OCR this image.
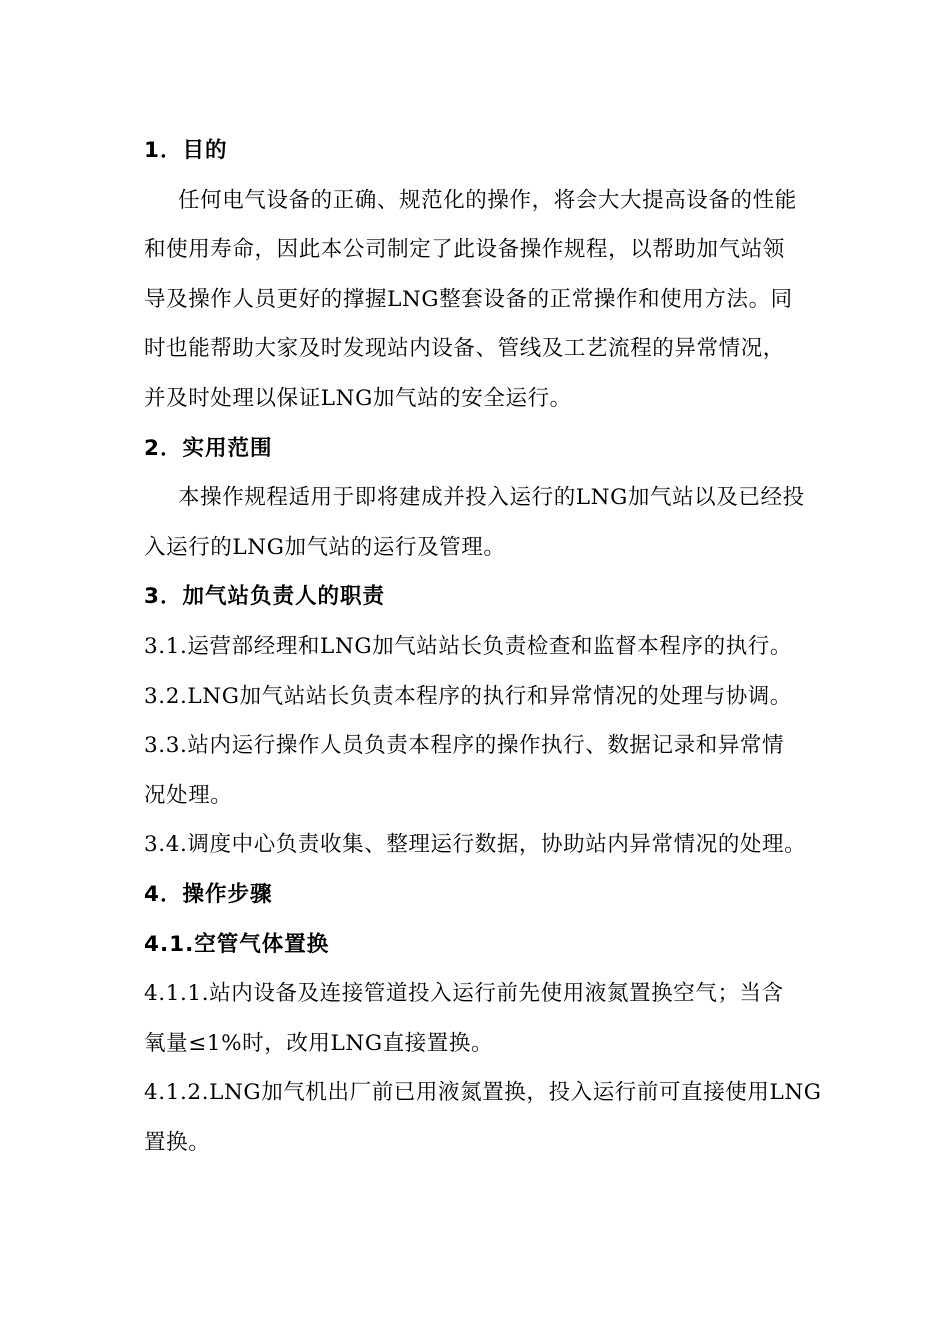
1．目的
任何电气设备的正确、规范化的操作，将会大大提高设备的性能
和使用寿命，因此本公司制定了此设备操作规程，以帮助加气站领
导及操作人员更好的撑握LNG整套设备的正常操作和使用方法。同
时也能帮助大家及时发现站内设备、管线及工艺流程的异常情况，
并及时处理以保证LNG加气站的安全运行。
2．实用范围
本操作规程适用于即将建成并投入运行的LNG加气站以及已经投
入运行的LNG加气站的运行及管理。
3．加气站负责人的职责
3.1.运营部经理和LNG加气站站长负责检查和监督本程序的执行。
3.2.LNG加气站站长负责本程序的执行和异常情况的处理与协调。
3.3.站内运行操作人员负责本程序的操作执行、数据记录和异常情
况处理。
3.4.调度中心负责收集、整理运行数据，协助站内异常情况的处理。
4．操作步骤
4.1.空管气体置换
4.1.1.站内设备及连接管道投入运行前先使用液氮置换空气；当含
氧量≤1%时，改用LNG直接置换。
4.1.2.LNG加气机出厂前已用液氮置换，投入运行前可直接使用LNG
置换。
